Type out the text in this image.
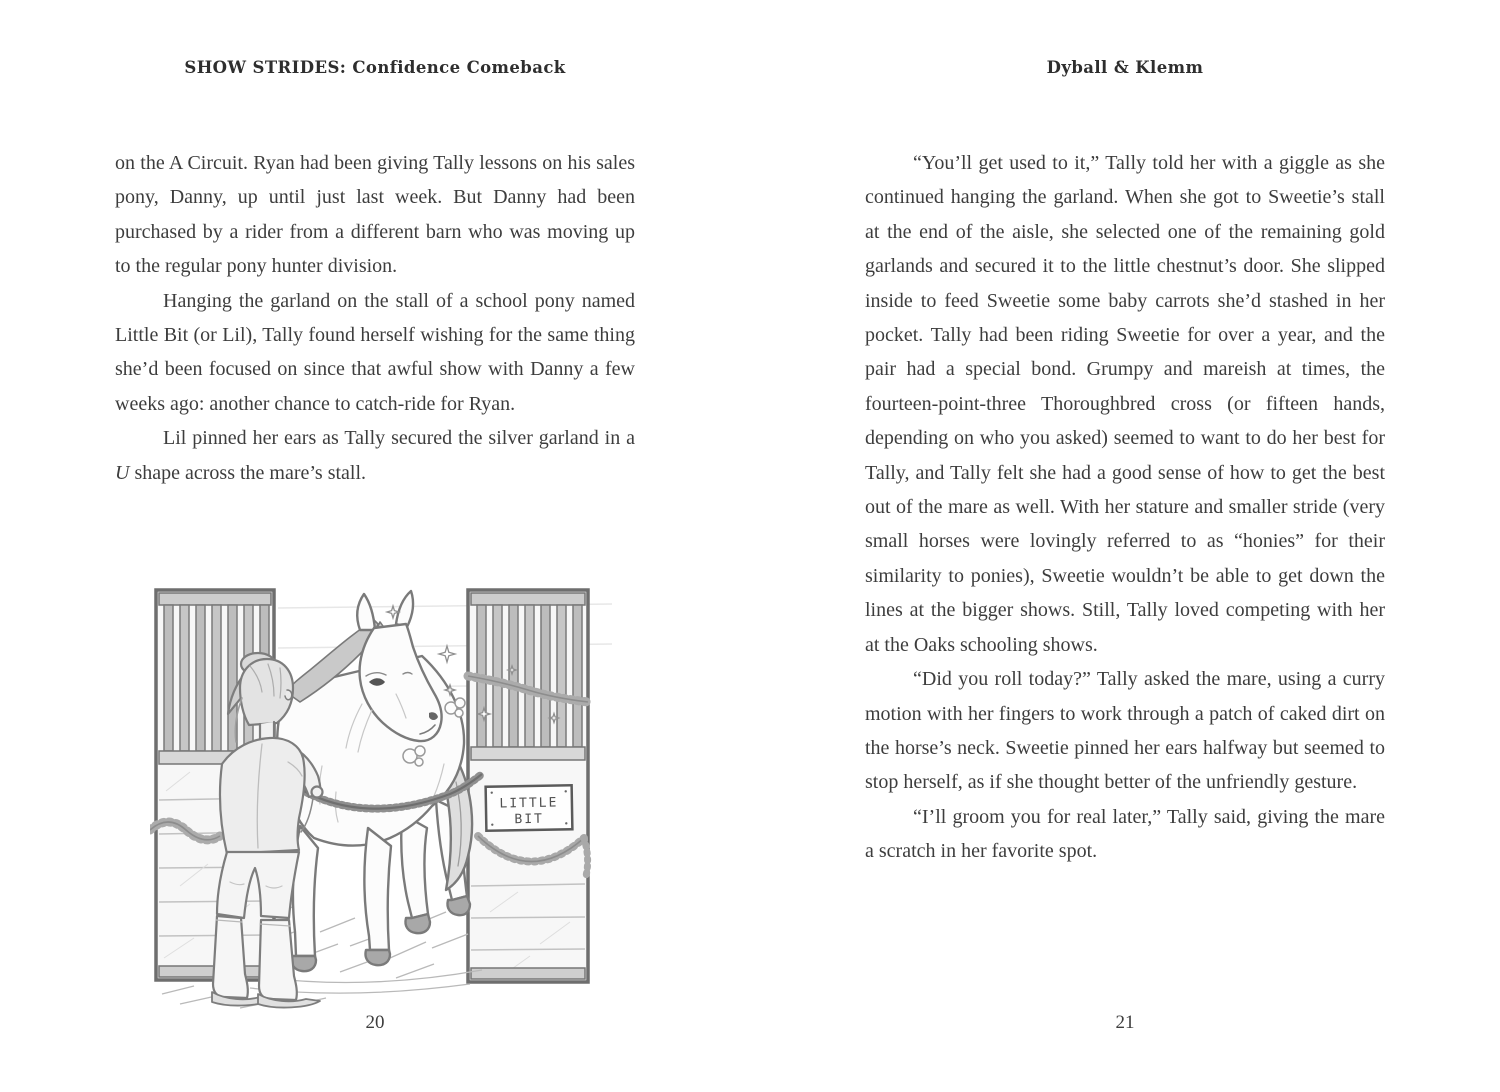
SHOW STRIDES: Confidence Comeback	Dyball & Klemm

on the A Circuit. Ryan had been giving Tally lessons on his sales pony, Danny, up until just last week. But Danny had been purchased by a rider from a different barn who was moving up to the regular pony hunter division.

Hanging the garland on the stall of a school pony named Little Bit (or Lil), Tally found herself wishing for the same thing she’d been focused on since that awful show with Danny a few weeks ago: another chance to catch-ride for Ryan.

Lil pinned her ears as Tally secured the silver garland in a U shape across the mare’s stall.

LITTLE
BIT

“You’ll get used to it,” Tally told her with a giggle as she continued hanging the garland. When she got to Sweetie’s stall at the end of the aisle, she selected one of the remaining gold garlands and secured it to the little chestnut’s door. She slipped inside to feed Sweetie some baby carrots she’d stashed in her pocket. Tally had been riding Sweetie for over a year, and the pair had a special bond. Grumpy and mareish at times, the fourteen-point-three Thoroughbred cross (or fifteen hands, depending on who you asked) seemed to want to do her best for Tally, and Tally felt she had a good sense of how to get the best out of the mare as well. With her stature and smaller stride (very small horses were lovingly referred to as “honies” for their similarity to ponies), Sweetie wouldn’t be able to get down the lines at the bigger shows. Still, Tally loved competing with her at the Oaks schooling shows.

“Did you roll today?” Tally asked the mare, using a curry motion with her fingers to work through a patch of caked dirt on the horse’s neck. Sweetie pinned her ears halfway but seemed to stop herself, as if she thought better of the unfriendly gesture.

“I’ll groom you for real later,” Tally said, giving the mare a scratch in her favorite spot.

20	21
